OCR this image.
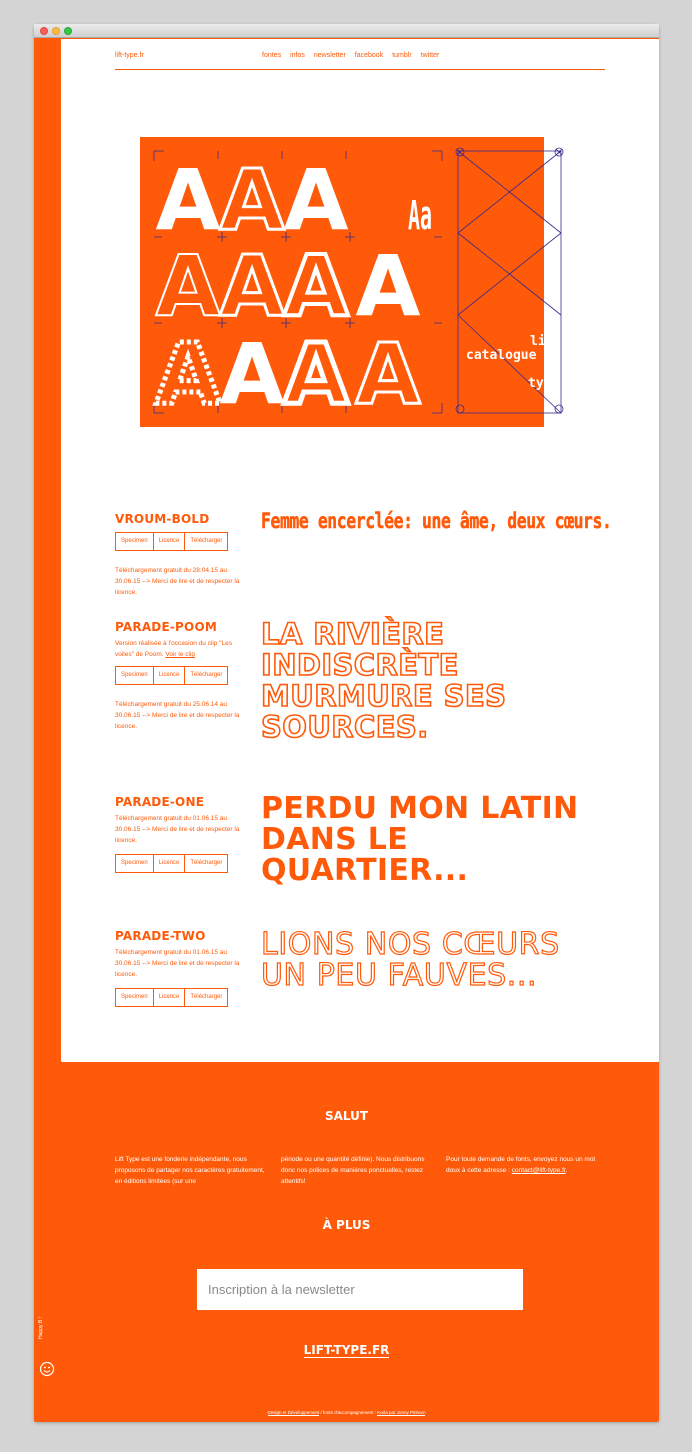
lift-type.fr	fontes infos newsletter facebook tumblr twitter
A
A
A
A
A
A A
A
A
A A
Aa
catalogue
lift
type
VROUM-BOLD
Specimen	Licence	Télécharger
Téléchargement gratuit du 28.04.15 au 30.06.15 --> Merci de lire et de respecter la licence.
Femme encerclée: une âme, deux cœurs.
PARADE-POOM
Version réalisée à l'occasion du clip "Les voiles" de Poom. Voir le clip
Specimen	Licence	Télécharger
Téléchargement gratuit du 25.06.14 au 30.06.15 --> Merci de lire et de respecter la licence.
LA RIVIÈRE
INDISCRÈTE
MURMURE SES
SOURCES.
PARADE-ONE
Téléchargement gratuit du 01.06.15 au 30.06.15 --> Merci de lire et de respecter la licence.
Specimen	Licence	Télécharger
PERDU MON LATIN
DANS LE
QUARTIER...
PARADE-TWO
Téléchargement gratuit du 01.06.15 au 30.06.15 --> Merci de lire et de respecter la licence.
Specimen	Licence	Télécharger
LIONS NOS CŒURS
UN PEU FAUVES...
SALUT
Lift Type est une fonderie indépendante, nous proposons de partager nos caractères gratuitement, en éditions limitées (sur une
période ou une quantité définie). Nous distribuons donc nos polices de manières ponctuelles, restez attentifs!
Pour toute demande de fonts, envoyez nous un mot doux à cette adresse : contact@lift-type.fr.
À PLUS
Inscription à la newsletter
LIFT-TYPE.FR
Design et Développement / fonte d'accompagnement : Karla par Jonny Pinhorn
Happy B !
